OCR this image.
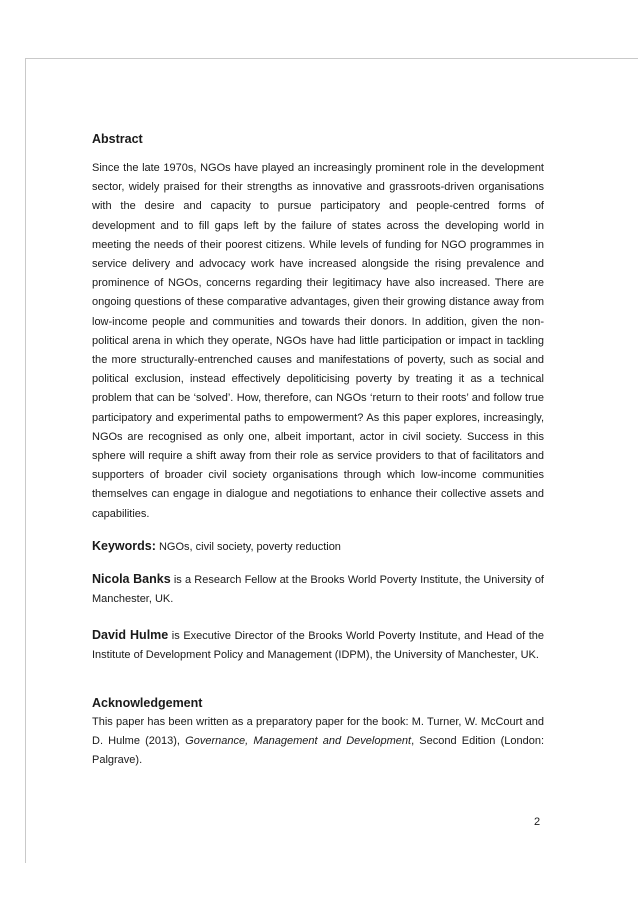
Abstract

Since the late 1970s, NGOs have played an increasingly prominent role in the development sector, widely praised for their strengths as innovative and grassroots-driven organisations with the desire and capacity to pursue participatory and people-centred forms of development and to fill gaps left by the failure of states across the developing world in meeting the needs of their poorest citizens. While levels of funding for NGO programmes in service delivery and advocacy work have increased alongside the rising prevalence and prominence of NGOs, concerns regarding their legitimacy have also increased. There are ongoing questions of these comparative advantages, given their growing distance away from low-income people and communities and towards their donors. In addition, given the non-political arena in which they operate, NGOs have had little participation or impact in tackling the more structurally-entrenched causes and manifestations of poverty, such as social and political exclusion, instead effectively depoliticising poverty by treating it as a technical problem that can be ‘solved’. How, therefore, can NGOs ‘return to their roots’ and follow true participatory and experimental paths to empowerment? As this paper explores, increasingly, NGOs are recognised as only one, albeit important, actor in civil society. Success in this sphere will require a shift away from their role as service providers to that of facilitators and supporters of broader civil society organisations through which low-income communities themselves can engage in dialogue and negotiations to enhance their collective assets and capabilities.

Keywords: NGOs, civil society, poverty reduction

Nicola Banks is a Research Fellow at the Brooks World Poverty Institute, the University of Manchester, UK.

David Hulme is Executive Director of the Brooks World Poverty Institute, and Head of the Institute of Development Policy and Management (IDPM), the University of Manchester, UK.

Acknowledgement

This paper has been written as a preparatory paper for the book: M. Turner, W. McCourt and D. Hulme (2013), Governance, Management and Development, Second Edition (London: Palgrave).

2
